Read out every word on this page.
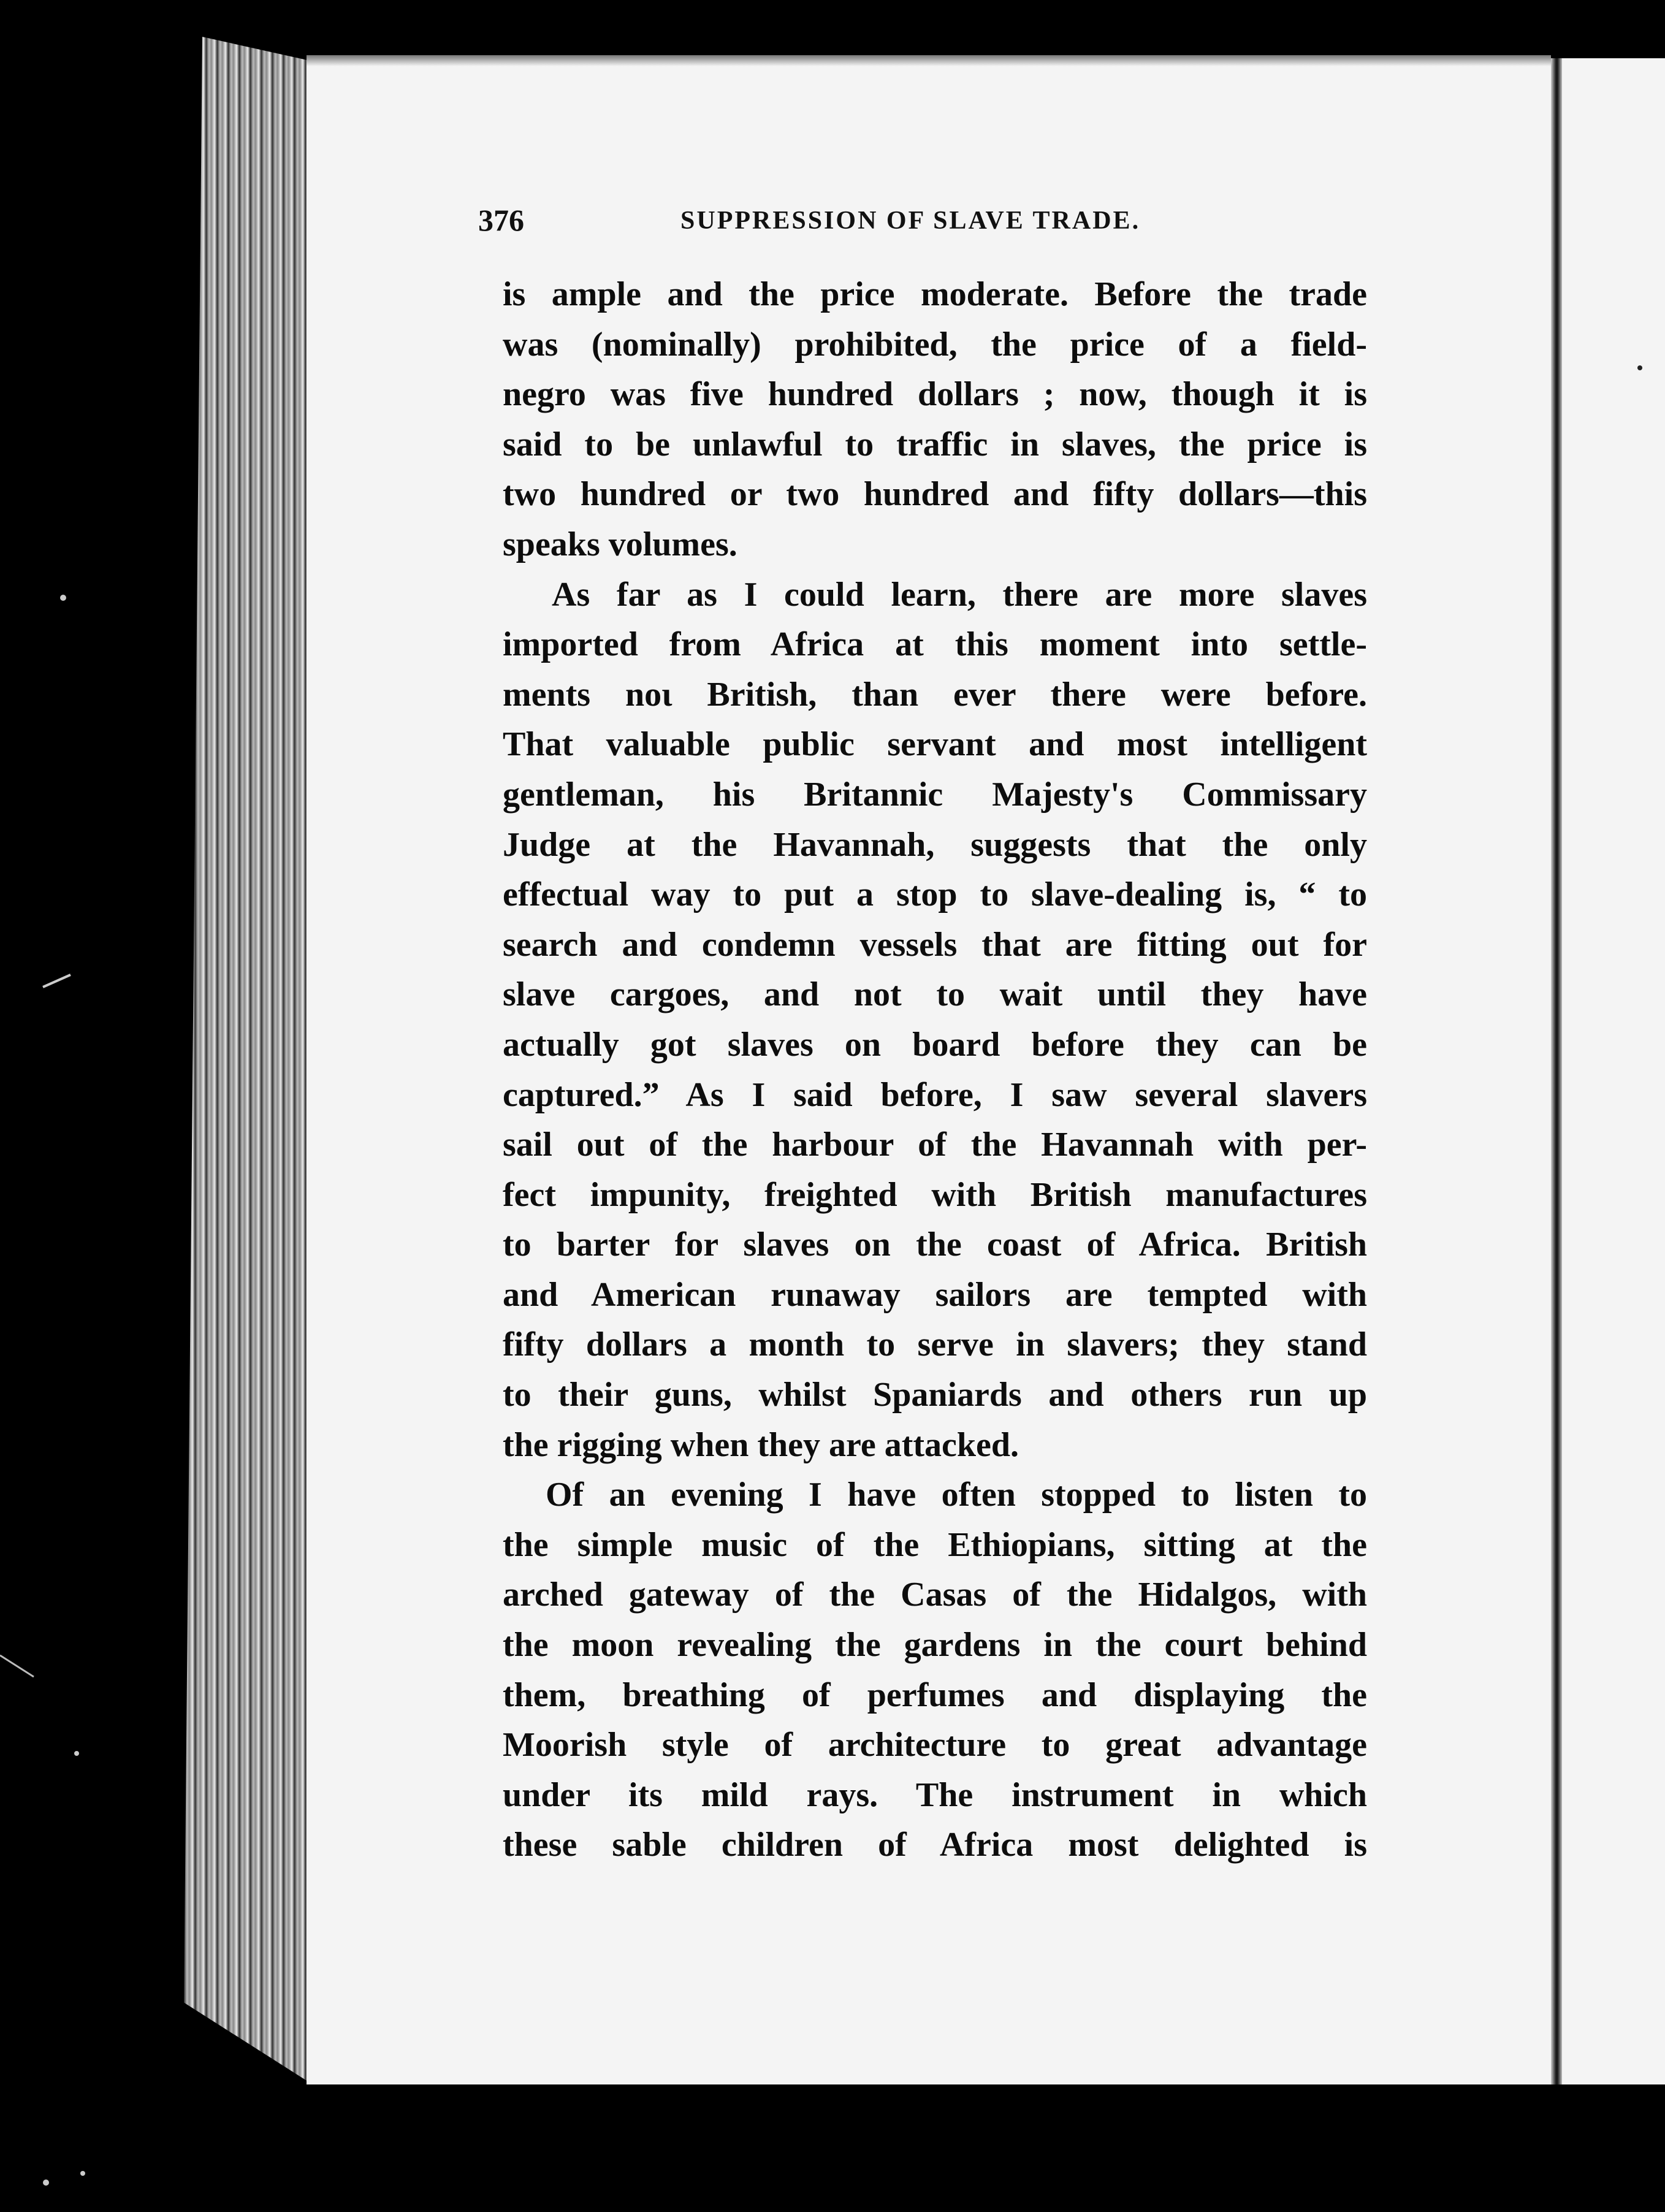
376	SUPPRESSION OF SLAVE TRADE.
is ample and the price moderate. Before the trade
was (nominally) prohibited, the price of a field-
negro was five hundred dollars ; now, though it is
said to be unlawful to traffic in slaves, the price is
two hundred or two hundred and fifty dollars—this
speaks volumes.
As far as I could learn, there are more slaves
imported from Africa at this moment into settle-
ments noι British, than ever there were before.
That valuable public servant and most intelligent
gentleman, his Britannic Majesty's Commissary
Judge at the Havannah, suggests that the only
effectual way to put a stop to slave-dealing is, “ to
search and condemn vessels that are fitting out for
slave cargoes, and not to wait until they have
actually got slaves on board before they can be
captured.” As I said before, I saw several slavers
sail out of the harbour of the Havannah with per-
fect impunity, freighted with British manufactures
to barter for slaves on the coast of Africa. British
and American runaway sailors are tempted with
fifty dollars a month to serve in slavers; they stand
to their guns, whilst Spaniards and others run up
the rigging when they are attacked.
Of an evening I have often stopped to listen to
the simple music of the Ethiopians, sitting at the
arched gateway of the Casas of the Hidalgos, with
the moon revealing the gardens in the court behind
them, breathing of perfumes and displaying the
Moorish style of architecture to great advantage
under its mild rays. The instrument in which
these sable children of Africa most delighted is
